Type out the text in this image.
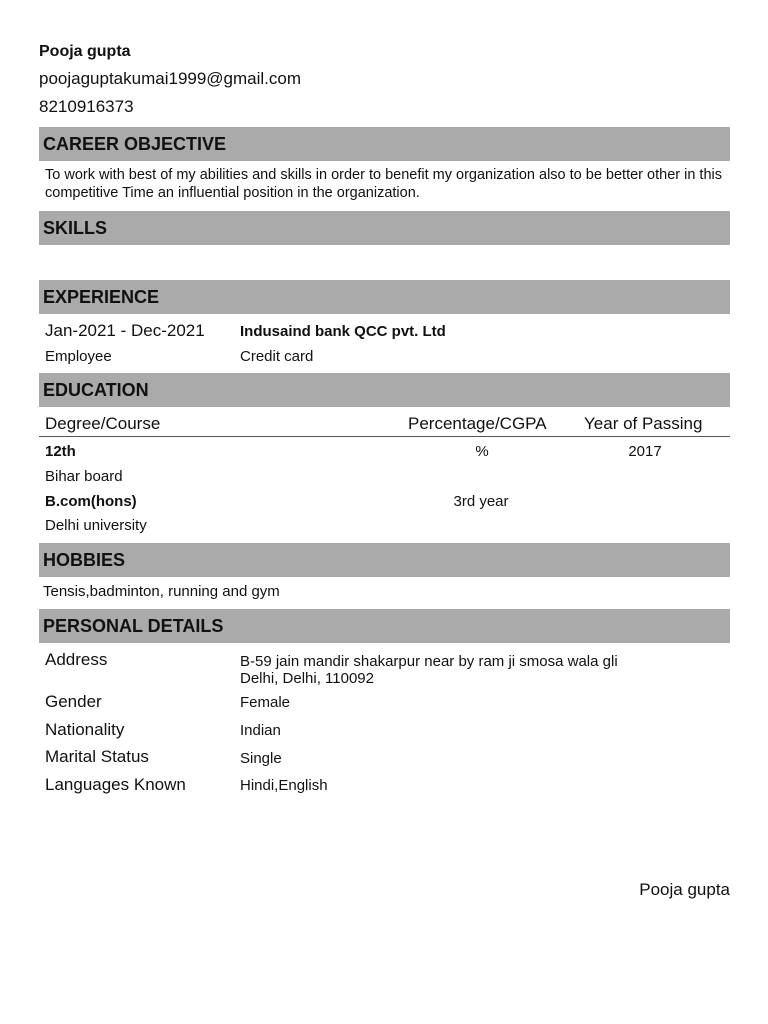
Pooja gupta
poojaguptakumai1999@gmail.com
8210916373
CAREER OBJECTIVE
To work with best of my abilities and skills in order to benefit my organization also to be better other in this competitive Time an influential position in the organization.
SKILLS
EXPERIENCE
Jan-2021 - Dec-2021 Indusaind bank QCC pvt. Ltd
Employee	Credit card
EDUCATION
Degree/Course	Percentage/CGPA Year of Passing
12th	%	2017
Bihar board
B.com(hons)	3rd year
Delhi university
HOBBIES
Tensis,badminton, running and gym
PERSONAL DETAILS
Address	B-59 jain mandir shakarpur near by ram ji smosa wala gli
Delhi, Delhi, 110092
Gender	Female
Nationality	Indian
Marital Status	Single
Languages Known	Hindi,English
Pooja gupta
